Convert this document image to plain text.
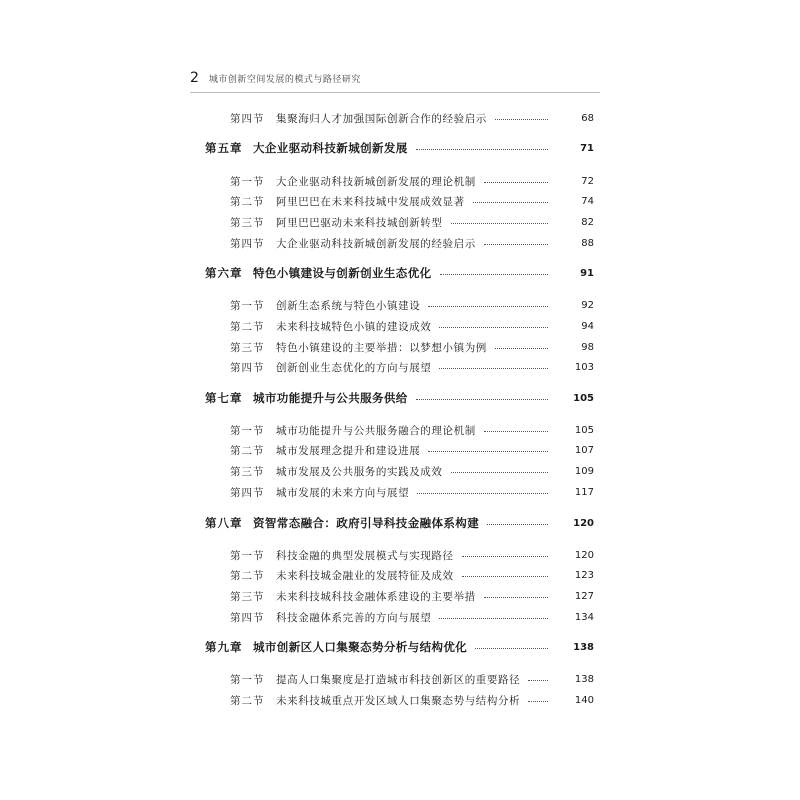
2 城市创新空间发展的模式与路径研究
第四节 集聚海归人才加强国际创新合作的经验启示	68
第五章 大企业驱动科技新城创新发展	71
第一节 大企业驱动科技新城创新发展的理论机制	72
第二节 阿里巴巴在未来科技城中发展成效显著	74
第三节 阿里巴巴驱动未来科技城创新转型	82
第四节 大企业驱动科技新城创新发展的经验启示	88
第六章 特色小镇建设与创新创业生态优化	91
第一节 创新生态系统与特色小镇建设	92
第二节 未来科技城特色小镇的建设成效	94
第三节 特色小镇建设的主要举措：以梦想小镇为例	98
第四节 创新创业生态优化的方向与展望	103
第七章 城市功能提升与公共服务供给	105
第一节 城市功能提升与公共服务融合的理论机制	105
第二节 城市发展理念提升和建设进展	107
第三节 城市发展及公共服务的实践及成效	109
第四节 城市发展的未来方向与展望	117
第八章 资智常态融合：政府引导科技金融体系构建	120
第一节 科技金融的典型发展模式与实现路径	120
第二节 未来科技城金融业的发展特征及成效	123
第三节 未来科技城科技金融体系建设的主要举措	127
第四节 科技金融体系完善的方向与展望	134
第九章 城市创新区人口集聚态势分析与结构优化	138
第一节 提高人口集聚度是打造城市科技创新区的重要路径	138
第二节 未来科技城重点开发区域人口集聚态势与结构分析	140
